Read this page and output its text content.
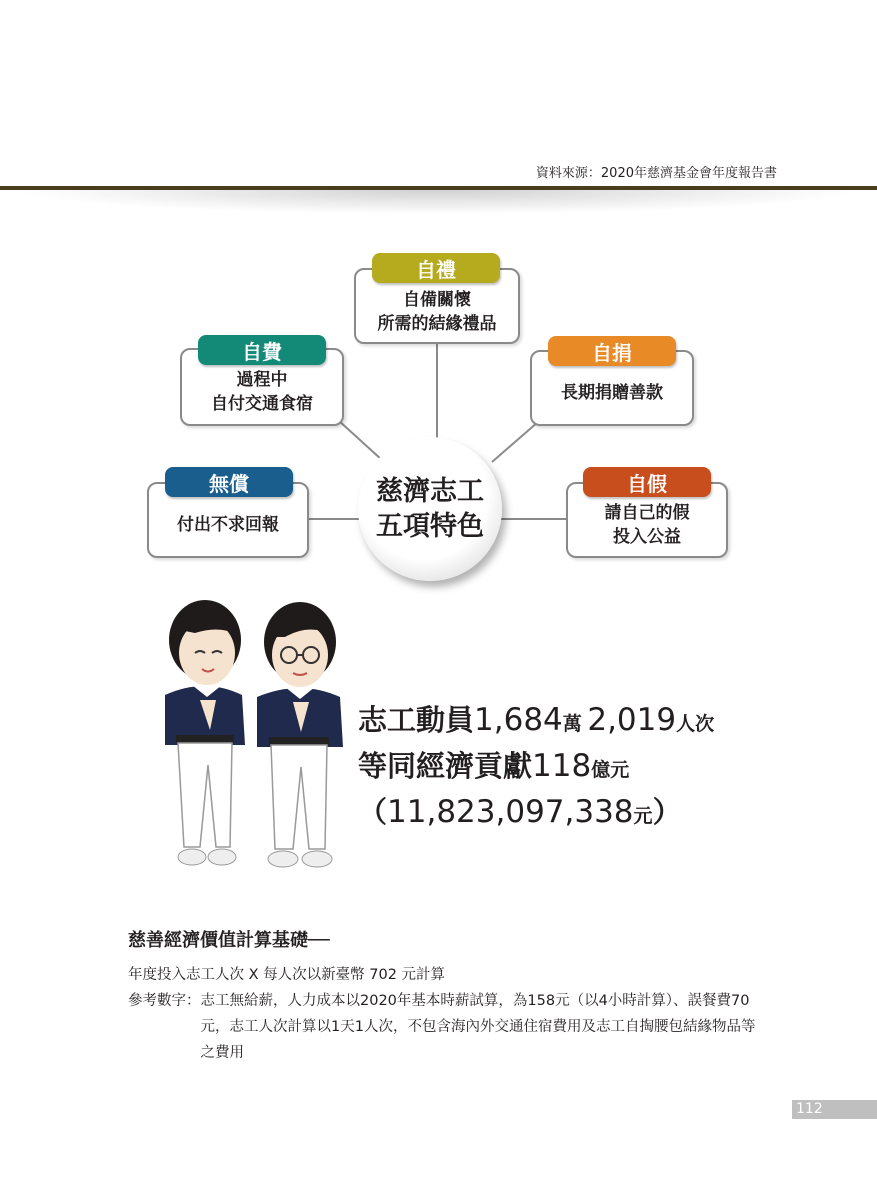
資料來源：2020年慈濟基金會年度報告書
自備關懷
所需的結緣禮品
自禮
過程中
自付交通食宿
自費
長期捐贈善款
自捐
付出不求回報
無償
請自己的假
投入公益
自假
慈濟志工
五項特色
志工動員1,684萬 2,019人次
等同經濟貢獻118億元
（11,823,097,338元）
慈善經濟價值計算基礎──
年度投入志工人次 X 每人次以新臺幣 702 元計算
參考數字： 志工無給薪，人力成本以2020年基本時薪試算，為158元（以4小時計算）、誤餐費70元，志工人次計算以1天1人次，不包含海內外交通住宿費用及志工自掏腰包結緣物品等之費用
112
